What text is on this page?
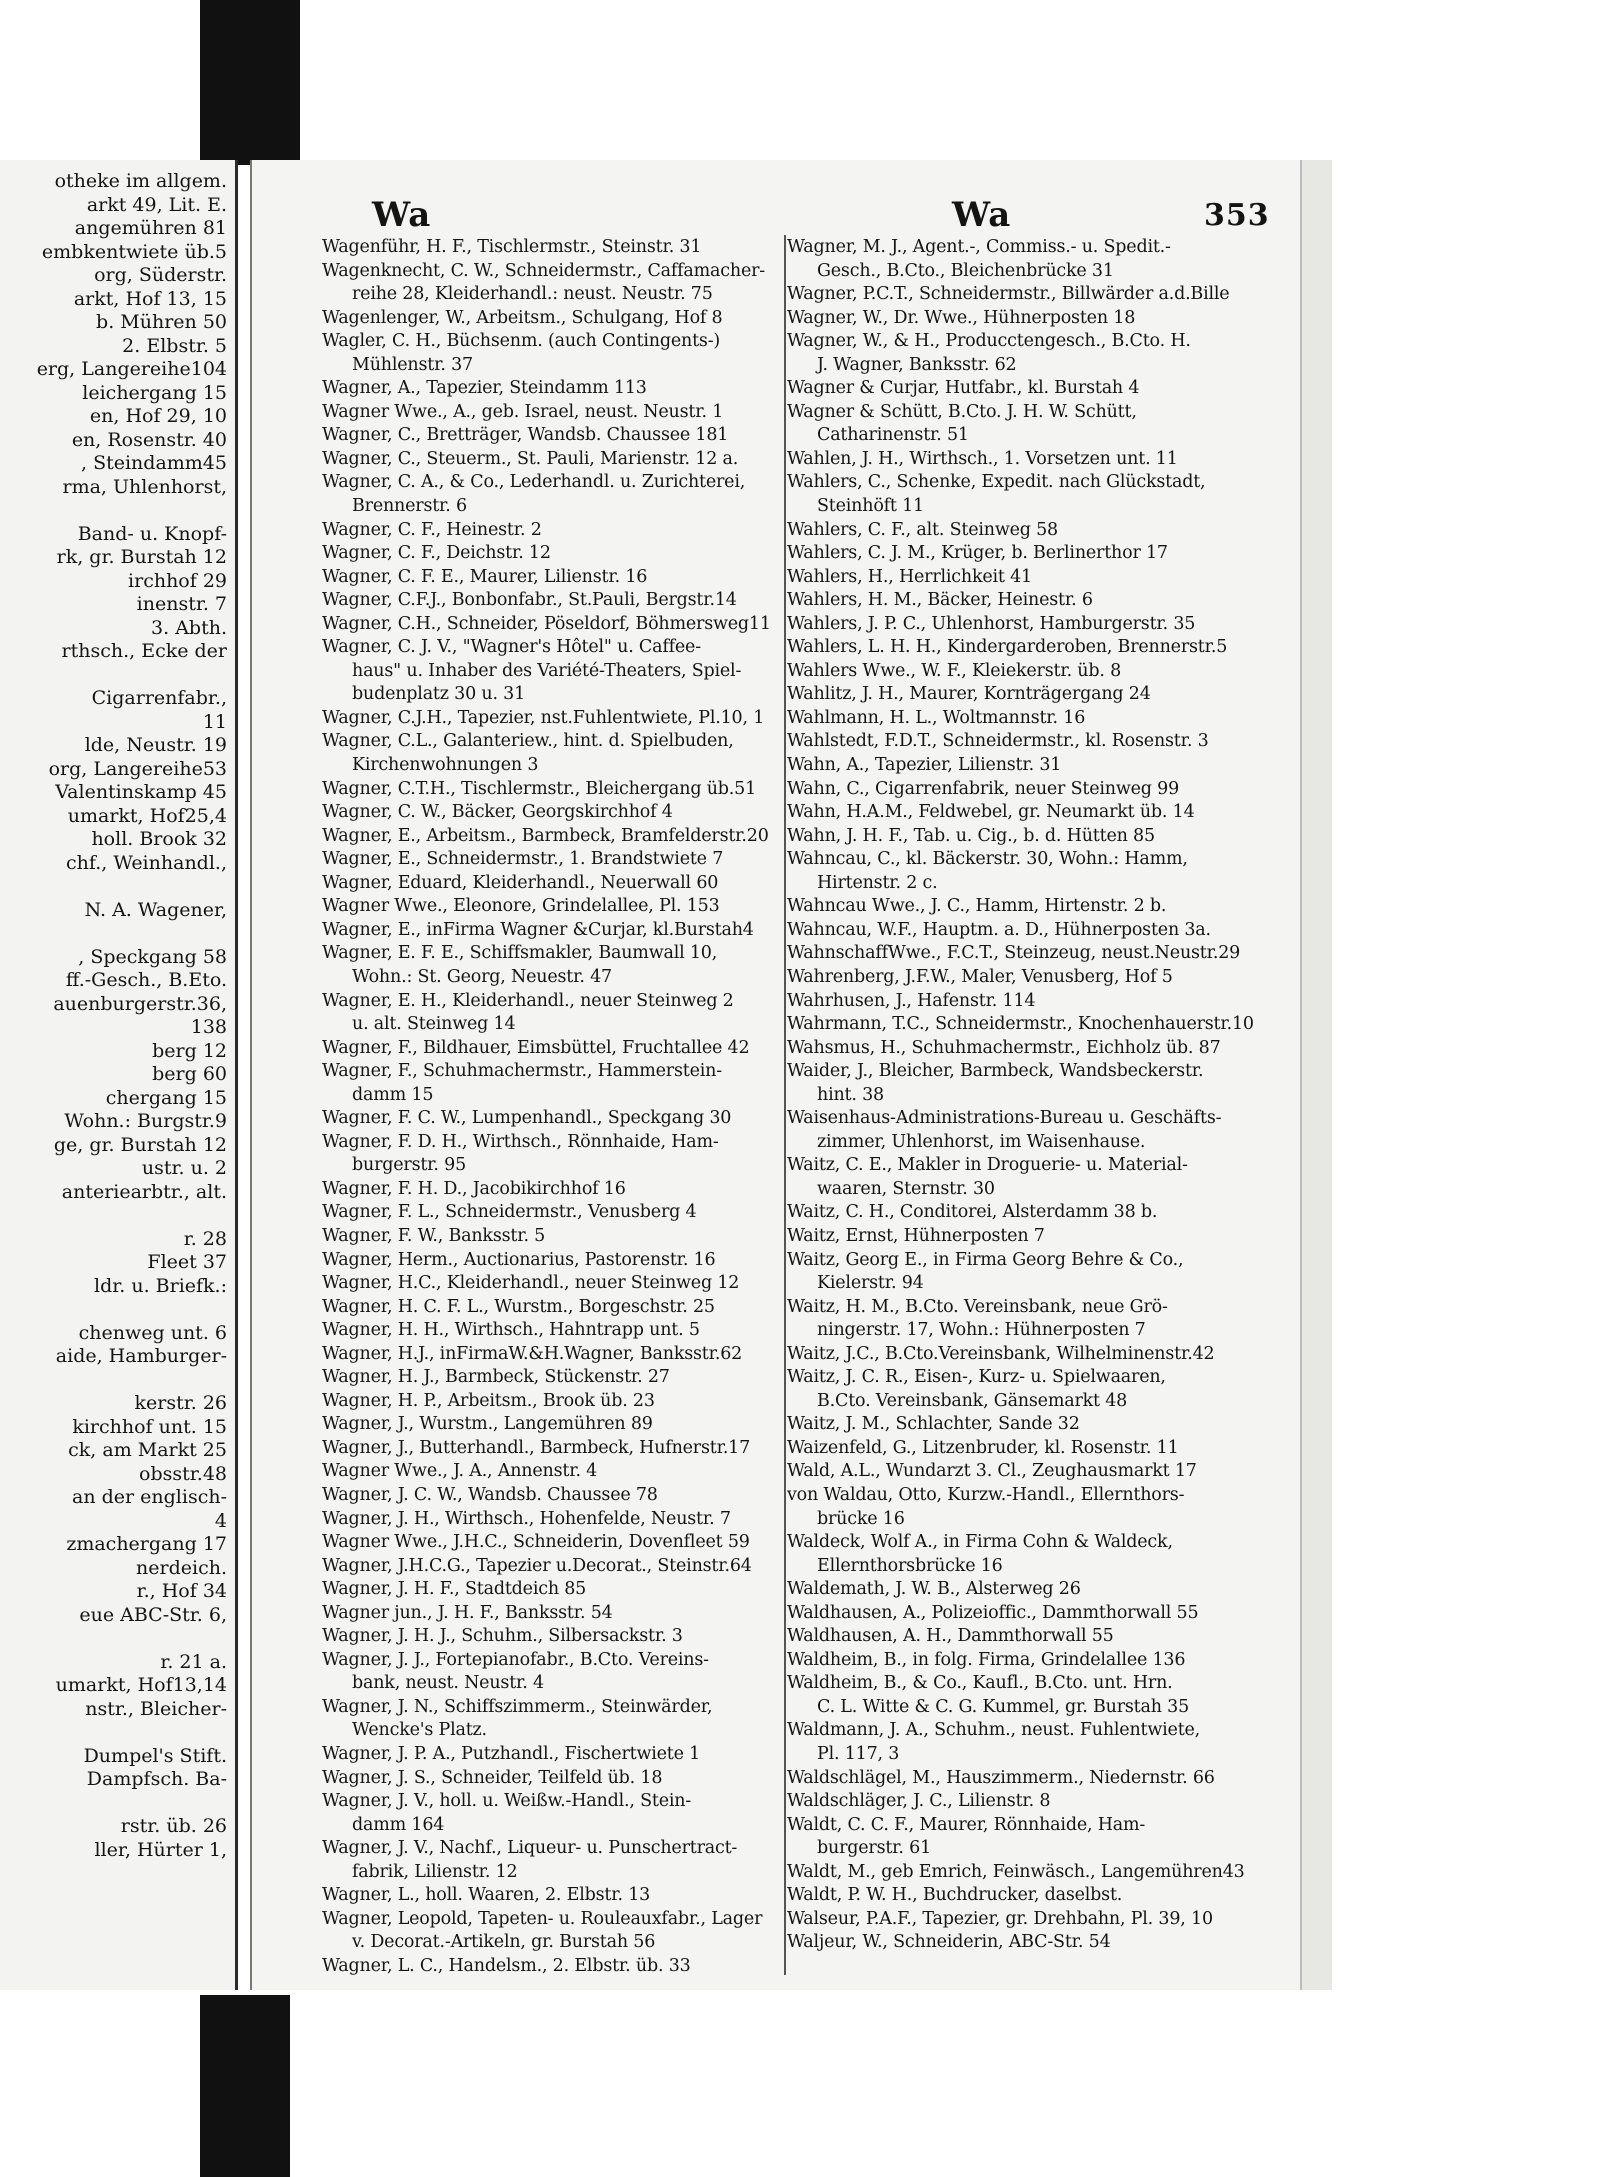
otheke im allgem.
arkt 49, Lit. E.
angemühren 81
embkentwiete üb.5
org, Süderstr.
arkt, Hof 13, 15
b. Mühren 50
2. Elbstr. 5
erg, Langereihe104
leichergang 15
en, Hof 29, 10
en, Rosenstr. 40
, Steindamm45
rma, Uhlenhorst,
Band- u. Knopf-
rk, gr. Burstah 12
irchhof 29
inenstr. 7
3. Abth.
rthsch., Ecke der
Cigarrenfabr.,
11
lde, Neustr. 19
org, Langereihe53
Valentinskamp 45
umarkt, Hof25,4
holl. Brook 32
chf., Weinhandl.,
N. A. Wagener,
, Speckgang 58
ff.-Gesch., B.Eto.
auenburgerstr.36,
138
berg 12
berg 60
chergang 15
Wohn.: Burgstr.9
ge, gr. Burstah 12
ustr. u. 2
anteriearbtr., alt.
r. 28
Fleet 37
ldr. u. Briefk.:
chenweg unt. 6
aide, Hamburger-
kerstr. 26
kirchhof unt. 15
ck, am Markt 25
obsstr.48
an der englisch-
4
zmachergang 17
nerdeich.
r., Hof 34
eue ABC-Str. 6,
r. 21 a.
umarkt, Hof13,14
nstr., Bleicher-
Dumpel's Stift.
Dampfsch. Ba-
rstr. üb. 26
ller, Hürter 1,
Wa	Wa	353
Wagenführ, H. F., Tischlermstr., Steinstr. 31
Wagenknecht, C. W., Schneidermstr., Caffamacher-
reihe 28, Kleiderhandl.: neust. Neustr. 75
Wagenlenger, W., Arbeitsm., Schulgang, Hof 8
Wagler, C. H., Büchsenm. (auch Contingents-)
Mühlenstr. 37
Wagner, A., Tapezier, Steindamm 113
Wagner Wwe., A., geb. Israel, neust. Neustr. 1
Wagner, C., Bretträger, Wandsb. Chaussee 181
Wagner, C., Steuerm., St. Pauli, Marienstr. 12 a.
Wagner, C. A., & Co., Lederhandl. u. Zurichterei,
Brennerstr. 6
Wagner, C. F., Heinestr. 2
Wagner, C. F., Deichstr. 12
Wagner, C. F. E., Maurer, Lilienstr. 16
Wagner, C.F.J., Bonbonfabr., St.Pauli, Bergstr.14
Wagner, C.H., Schneider, Pöseldorf, Böhmersweg11
Wagner, C. J. V., "Wagner's Hôtel" u. Caffee-
haus" u. Inhaber des Variété-Theaters, Spiel-
budenplatz 30 u. 31
Wagner, C.J.H., Tapezier, nst.Fuhlentwiete, Pl.10, 1
Wagner, C.L., Galanteriew., hint. d. Spielbuden,
Kirchenwohnungen 3
Wagner, C.T.H., Tischlermstr., Bleichergang üb.51
Wagner, C. W., Bäcker, Georgskirchhof 4
Wagner, E., Arbeitsm., Barmbeck, Bramfelderstr.20
Wagner, E., Schneidermstr., 1. Brandstwiete 7
Wagner, Eduard, Kleiderhandl., Neuerwall 60
Wagner Wwe., Eleonore, Grindelallee, Pl. 153
Wagner, E., inFirma Wagner &Curjar, kl.Burstah4
Wagner, E. F. E., Schiffsmakler, Baumwall 10,
Wohn.: St. Georg, Neuestr. 47
Wagner, E. H., Kleiderhandl., neuer Steinweg 2
u. alt. Steinweg 14
Wagner, F., Bildhauer, Eimsbüttel, Fruchtallee 42
Wagner, F., Schuhmachermstr., Hammerstein-
damm 15
Wagner, F. C. W., Lumpenhandl., Speckgang 30
Wagner, F. D. H., Wirthsch., Rönnhaide, Ham-
burgerstr. 95
Wagner, F. H. D., Jacobikirchhof 16
Wagner, F. L., Schneidermstr., Venusberg 4
Wagner, F. W., Banksstr. 5
Wagner, Herm., Auctionarius, Pastorenstr. 16
Wagner, H.C., Kleiderhandl., neuer Steinweg 12
Wagner, H. C. F. L., Wurstm., Borgeschstr. 25
Wagner, H. H., Wirthsch., Hahntrapp unt. 5
Wagner, H.J., inFirmaW.&H.Wagner, Banksstr.62
Wagner, H. J., Barmbeck, Stückenstr. 27
Wagner, H. P., Arbeitsm., Brook üb. 23
Wagner, J., Wurstm., Langemühren 89
Wagner, J., Butterhandl., Barmbeck, Hufnerstr.17
Wagner Wwe., J. A., Annenstr. 4
Wagner, J. C. W., Wandsb. Chaussee 78
Wagner, J. H., Wirthsch., Hohenfelde, Neustr. 7
Wagner Wwe., J.H.C., Schneiderin, Dovenfleet 59
Wagner, J.H.C.G., Tapezier u.Decorat., Steinstr.64
Wagner, J. H. F., Stadtdeich 85
Wagner jun., J. H. F., Banksstr. 54
Wagner, J. H. J., Schuhm., Silbersackstr. 3
Wagner, J. J., Fortepianofabr., B.Cto. Vereins-
bank, neust. Neustr. 4
Wagner, J. N., Schiffszimmerm., Steinwärder,
Wencke's Platz.
Wagner, J. P. A., Putzhandl., Fischertwiete 1
Wagner, J. S., Schneider, Teilfeld üb. 18
Wagner, J. V., holl. u. Weißw.-Handl., Stein-
damm 164
Wagner, J. V., Nachf., Liqueur- u. Punschertract-
fabrik, Lilienstr. 12
Wagner, L., holl. Waaren, 2. Elbstr. 13
Wagner, Leopold, Tapeten- u. Rouleauxfabr., Lager
v. Decorat.-Artikeln, gr. Burstah 56
Wagner, L. C., Handelsm., 2. Elbstr. üb. 33
Wagner, M. J., Agent.-, Commiss.- u. Spedit.-
Gesch., B.Cto., Bleichenbrücke 31
Wagner, P.C.T., Schneidermstr., Billwärder a.d.Bille
Wagner, W., Dr. Wwe., Hühnerposten 18
Wagner, W., & H., Producctengesch., B.Cto. H.
J. Wagner, Banksstr. 62
Wagner & Curjar, Hutfabr., kl. Burstah 4
Wagner & Schütt, B.Cto. J. H. W. Schütt,
Catharinenstr. 51
Wahlen, J. H., Wirthsch., 1. Vorsetzen unt. 11
Wahlers, C., Schenke, Expedit. nach Glückstadt,
Steinhöft 11
Wahlers, C. F., alt. Steinweg 58
Wahlers, C. J. M., Krüger, b. Berlinerthor 17
Wahlers, H., Herrlichkeit 41
Wahlers, H. M., Bäcker, Heinestr. 6
Wahlers, J. P. C., Uhlenhorst, Hamburgerstr. 35
Wahlers, L. H. H., Kindergarderoben, Brennerstr.5
Wahlers Wwe., W. F., Kleiekerstr. üb. 8
Wahlitz, J. H., Maurer, Kornträgergang 24
Wahlmann, H. L., Woltmannstr. 16
Wahlstedt, F.D.T., Schneidermstr., kl. Rosenstr. 3
Wahn, A., Tapezier, Lilienstr. 31
Wahn, C., Cigarrenfabrik, neuer Steinweg 99
Wahn, H.A.M., Feldwebel, gr. Neumarkt üb. 14
Wahn, J. H. F., Tab. u. Cig., b. d. Hütten 85
Wahncau, C., kl. Bäckerstr. 30, Wohn.: Hamm,
Hirtenstr. 2 c.
Wahncau Wwe., J. C., Hamm, Hirtenstr. 2 b.
Wahncau, W.F., Hauptm. a. D., Hühnerposten 3a.
WahnschaffWwe., F.C.T., Steinzeug, neust.Neustr.29
Wahrenberg, J.F.W., Maler, Venusberg, Hof 5
Wahrhusen, J., Hafenstr. 114
Wahrmann, T.C., Schneidermstr., Knochenhauerstr.10
Wahsmus, H., Schuhmachermstr., Eichholz üb. 87
Waider, J., Bleicher, Barmbeck, Wandsbeckerstr.
hint. 38
Waisenhaus-Administrations-Bureau u. Geschäfts-
zimmer, Uhlenhorst, im Waisenhause.
Waitz, C. E., Makler in Droguerie- u. Material-
waaren, Sternstr. 30
Waitz, C. H., Conditorei, Alsterdamm 38 b.
Waitz, Ernst, Hühnerposten 7
Waitz, Georg E., in Firma Georg Behre & Co.,
Kielerstr. 94
Waitz, H. M., B.Cto. Vereinsbank, neue Grö-
ningerstr. 17, Wohn.: Hühnerposten 7
Waitz, J.C., B.Cto.Vereinsbank, Wilhelminenstr.42
Waitz, J. C. R., Eisen-, Kurz- u. Spielwaaren,
B.Cto. Vereinsbank, Gänsemarkt 48
Waitz, J. M., Schlachter, Sande 32
Waizenfeld, G., Litzenbruder, kl. Rosenstr. 11
Wald, A.L., Wundarzt 3. Cl., Zeughausmarkt 17
von Waldau, Otto, Kurzw.-Handl., Ellernthors-
brücke 16
Waldeck, Wolf A., in Firma Cohn & Waldeck,
Ellernthorsbrücke 16
Waldemath, J. W. B., Alsterweg 26
Waldhausen, A., Polizeioffic., Dammthorwall 55
Waldhausen, A. H., Dammthorwall 55
Waldheim, B., in folg. Firma, Grindelallee 136
Waldheim, B., & Co., Kaufl., B.Cto. unt. Hrn.
C. L. Witte & C. G. Kummel, gr. Burstah 35
Waldmann, J. A., Schuhm., neust. Fuhlentwiete,
Pl. 117, 3
Waldschlägel, M., Hauszimmerm., Niedernstr. 66
Waldschläger, J. C., Lilienstr. 8
Waldt, C. C. F., Maurer, Rönnhaide, Ham-
burgerstr. 61
Waldt, M., geb Emrich, Feinwäsch., Langemühren43
Waldt, P. W. H., Buchdrucker, daselbst.
Walseur, P.A.F., Tapezier, gr. Drehbahn, Pl. 39, 10
Waljeur, W., Schneiderin, ABC-Str. 54
